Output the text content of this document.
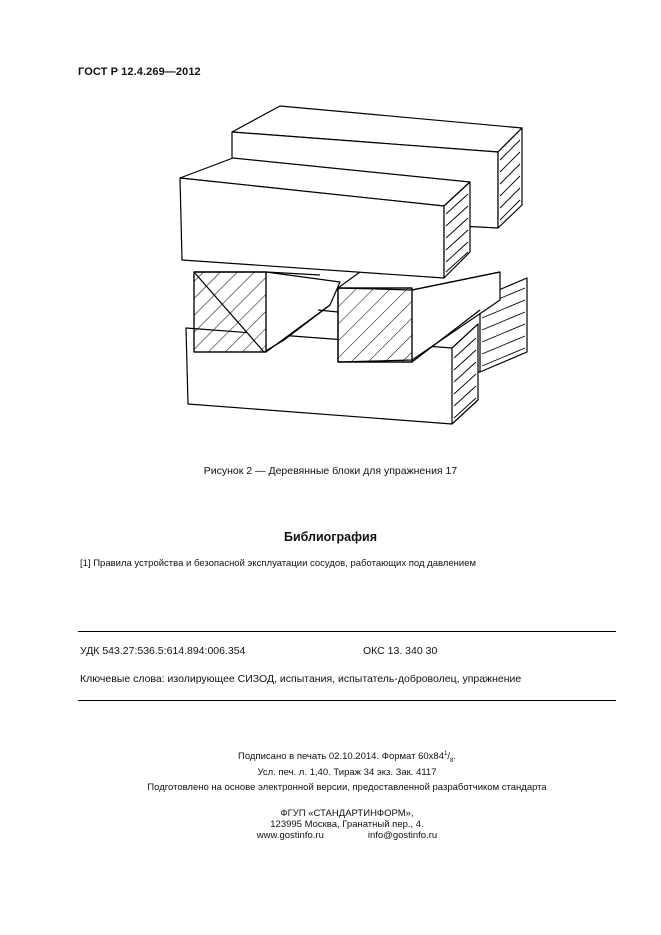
ГОСТ Р 12.4.269—2012
Рисунок 2 — Деревянные блоки для упражнения 17
Библиография
[1] Правила устройства и безопасной эксплуатации сосудов, работающих под давлением
УДК 543.27:536.5:614.894:006.354	ОКС 13. 340 30
Ключевые слова: изолирующее СИЗОД, испытания, испытатель-доброволец, упражнение
Подписано в печать 02.10.2014. Формат $60x84^1/_8$.
Усл. печ. л. 1,40. Тираж 34 экз. Зак. 4117
Подготовлено на основе электронной версии, предоставленной разработчиком стандарта
ФГУП «СТАНДАРТИНФОРМ»,
123995 Москва, Гранатный пер., 4.
www.gostinfo.ru	info@gostinfo.ru
